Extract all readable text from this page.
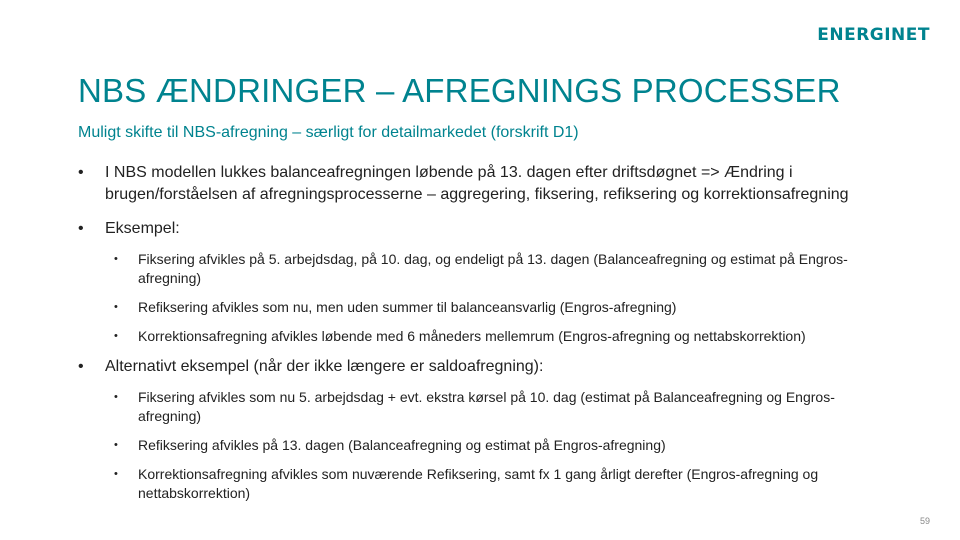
ENERGINET
NBS ÆNDRINGER – AFREGNINGS PROCESSER
Muligt skifte til NBS-afregning – særligt for detailmarkedet (forskrift D1)
• I NBS modellen lukkes balanceafregningen løbende på 13. dagen efter driftsdøgnet => Ændring i brugen/forståelsen af afregningsprocesserne – aggregering, fiksering, refiksering og korrektionsafregning
• Eksempel:
• Fiksering afvikles på 5. arbejdsdag, på 10. dag, og endeligt på 13. dagen (Balanceafregning og estimat på Engros-afregning)
• Refiksering afvikles som nu, men uden summer til balanceansvarlig (Engros-afregning)
• Korrektionsafregning afvikles løbende med 6 måneders mellemrum (Engros-afregning og nettabskorrektion)
• Alternativt eksempel (når der ikke længere er saldoafregning):
• Fiksering afvikles som nu 5. arbejdsdag + evt. ekstra kørsel på 10. dag (estimat på Balanceafregning og Engros-afregning)
• Refiksering afvikles på 13. dagen (Balanceafregning og estimat på Engros-afregning)
• Korrektionsafregning afvikles som nuværende Refiksering, samt fx 1 gang årligt derefter (Engros-afregning og nettabskorrektion)
59
